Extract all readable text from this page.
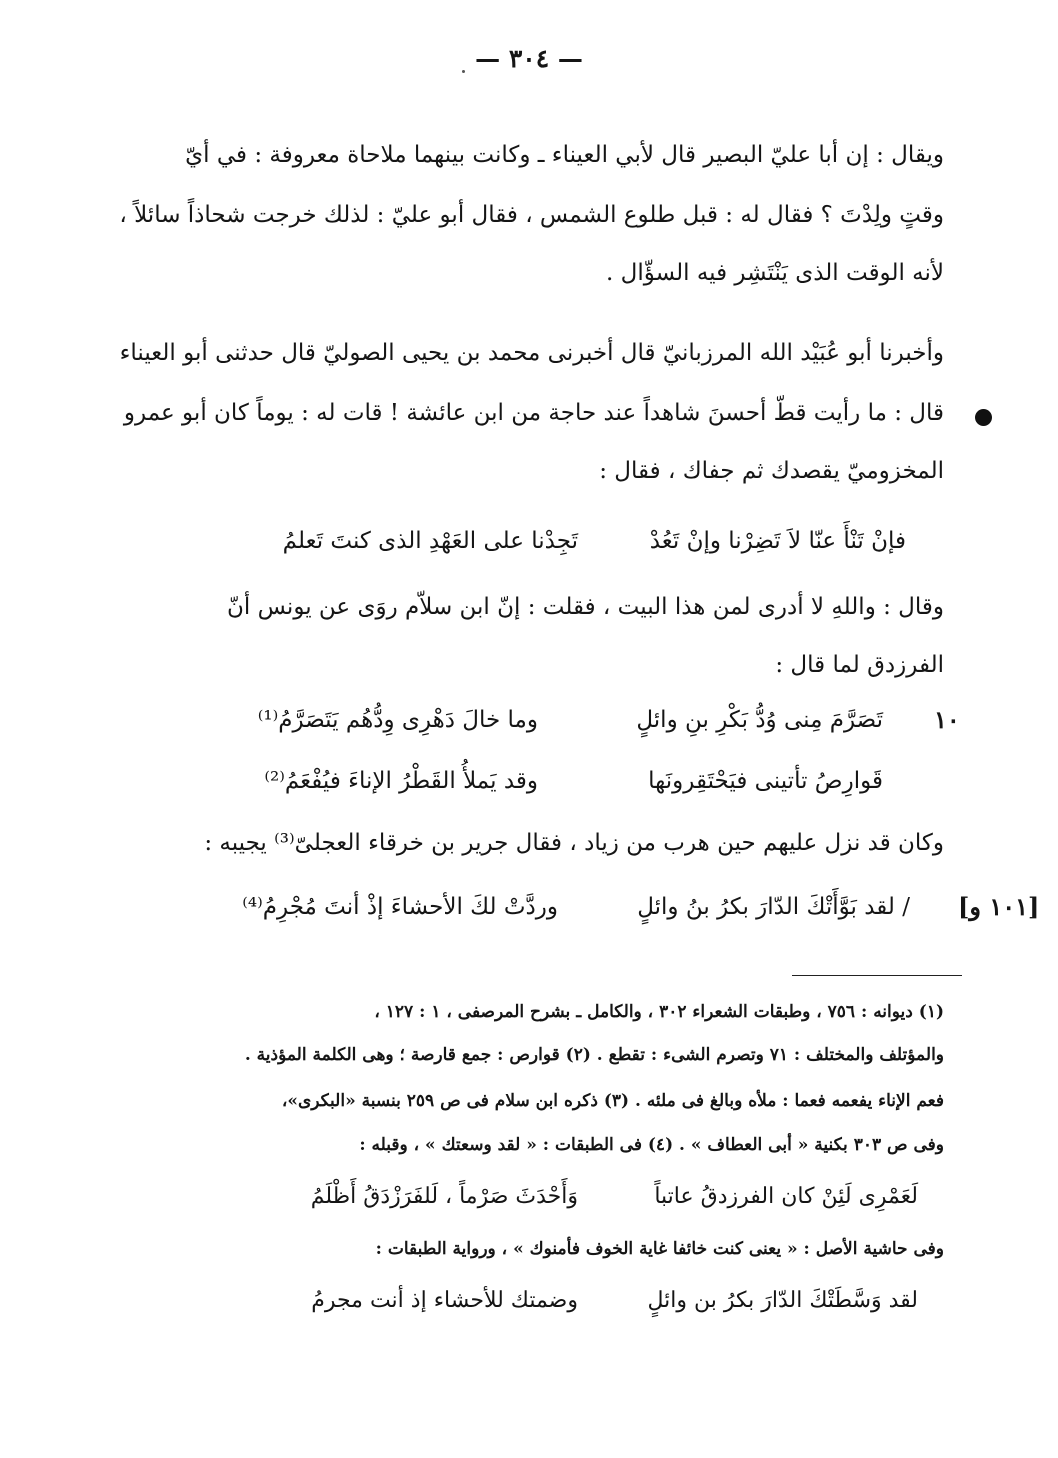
— ٣٠٤ —
ويقال : إن أبا عليّ البصير قال لأبي العيناء ـ وكانت بينهما ملاحاة معروفة : في أيّ
وقتٍ ولِدْتَ ؟ فقال له : قبل طلوع الشمس ، فقال أبو عليّ : لذلك خرجت شحاذاً سائلاً ،
لأنه الوقت الذى يَنْتَشِر فيه السؤّال .
وأخبرنا أبو عُبَيْد الله المرزبانيّ قال أخبرنى محمد بن يحيى الصوليّ قال حدثنى أبو العيناء
قال : ما رأيت قطّ أحسنَ شاهداً عند حاجة من ابن عائشة ! قات له : يوماً كان أبو عمرو
المخزوميّ يقصدك ثم جفاك ، فقال :
فإنْ تَنْأَ عنّا لاَ تَضِرْنا وإنْ تَعُدْ
تَجِدْنا على العَهْدِ الذى كنتَ تَعلمُ
وقال : واللهِ لا أدرى لمن هذا البيت ، فقلت : إنّ ابن سلاّم روَى عن يونس أنّ
الفرزدق لما قال :
١٠
تَصَرَّمَ مِنى وُدُّ بَكْرِ بنِ وائلٍ
وما خالَ دَهْرِى وِدُّهُم يَتَصَرَّمُ⁽¹⁾
قَوارِصُ تأتينى فيَحْتَقِرونَها
وقد يَملأُ القَطْرُ الإناءَ فيُفْعَمُ⁽²⁾
وكان قد نزل عليهم حين هرب من زياد ، فقال جرير بن خرقاء العجلىّ⁽³⁾ يجيبه :
[١٠١ و]
/ لقد بَوَّأَتْكَ الدّارَ بكرُ بنُ وائلٍ
وردَّتْ لكَ الأحشاءَ إذْ أنتَ مُجْرِمُ⁽⁴⁾
(١) ديوانه : ٧٥٦ ، وطبقات الشعراء ٣٠٢ ، والكامل ـ بشرح المرصفى ، ١ : ١٢٧ ،
والمؤتلف والمختلف : ٧١ وتصرم الشىء : تقطع . (٢) قوارص : جمع قارصة ؛ وهى الكلمة المؤذية .
فعم الإناء يفعمه فعما : ملأه وبالغ فى ملئه . (٣) ذكره ابن سلام فى ص ٢٥٩ بنسبة «البكرى»،
وفى ص ٣٠٣ بكنية « أبى العطاف » . (٤) فى الطبقات : « لقد وسعتك » ، وقبله :
لَعَمْرِى لَئِنْ كان الفرزدقُ عاتباً
وَأَحْدَثَ صَرْماً ، لَلفَرَزْدَقُ أَظْلَمُ
وفى حاشية الأصل : « يعنى كنت خائفا غاية الخوف فأمنوك » ، ورواية الطبقات :
لقد وَسَّطَتْكَ الدّارَ بكرُ بن وائلٍ
وضمتك للأحشاء إذ أنت مجرمُ
